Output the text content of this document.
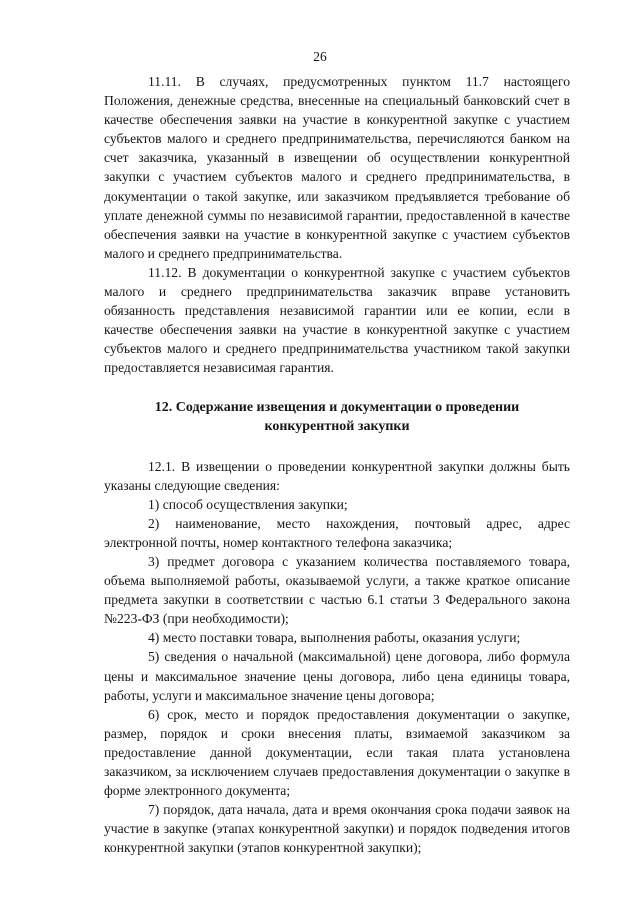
26

11.11. В случаях, предусмотренных пунктом 11.7 настоящего Положения, денежные средства, внесенные на специальный банковский счет в качестве обеспечения заявки на участие в конкурентной закупке с участием субъектов малого и среднего предпринимательства, перечисляются банком на счет заказчика, указанный в извещении об осуществлении конкурентной закупки с участием субъектов малого и среднего предпринимательства, в документации о такой закупке, или заказчиком предъявляется требование об уплате денежной суммы по независимой гарантии, предоставленной в качестве обеспечения заявки на участие в конкурентной закупке с участием субъектов малого и среднего предпринимательства.

11.12. В документации о конкурентной закупке с участием субъектов малого и среднего предпринимательства заказчик вправе установить обязанность представления независимой гарантии или ее копии, если в качестве обеспечения заявки на участие в конкурентной закупке с участием субъектов малого и среднего предпринимательства участником такой закупки предоставляется независимая гарантия.

12. Содержание извещения и документации о проведении
конкурентной закупки

12.1. В извещении о проведении конкурентной закупки должны быть указаны следующие сведения:

1) способ осуществления закупки;

2) наименование, место нахождения, почтовый адрес, адрес электронной почты, номер контактного телефона заказчика;

3) предмет договора с указанием количества поставляемого товара, объема выполняемой работы, оказываемой услуги, а также краткое описание предмета закупки в соответствии с частью 6.1 статьи 3 Федерального закона №223-ФЗ (при необходимости);

4) место поставки товара, выполнения работы, оказания услуги;

5) сведения о начальной (максимальной) цене договора, либо формула цены и максимальное значение цены договора, либо цена единицы товара, работы, услуги и максимальное значение цены договора;

6) срок, место и порядок предоставления документации о закупке, размер, порядок и сроки внесения платы, взимаемой заказчиком за предоставление данной документации, если такая плата установлена заказчиком, за исключением случаев предоставления документации о закупке в форме электронного документа;

7) порядок, дата начала, дата и время окончания срока подачи заявок на участие в закупке (этапах конкурентной закупки) и порядок подведения итогов конкурентной закупки (этапов конкурентной закупки);
